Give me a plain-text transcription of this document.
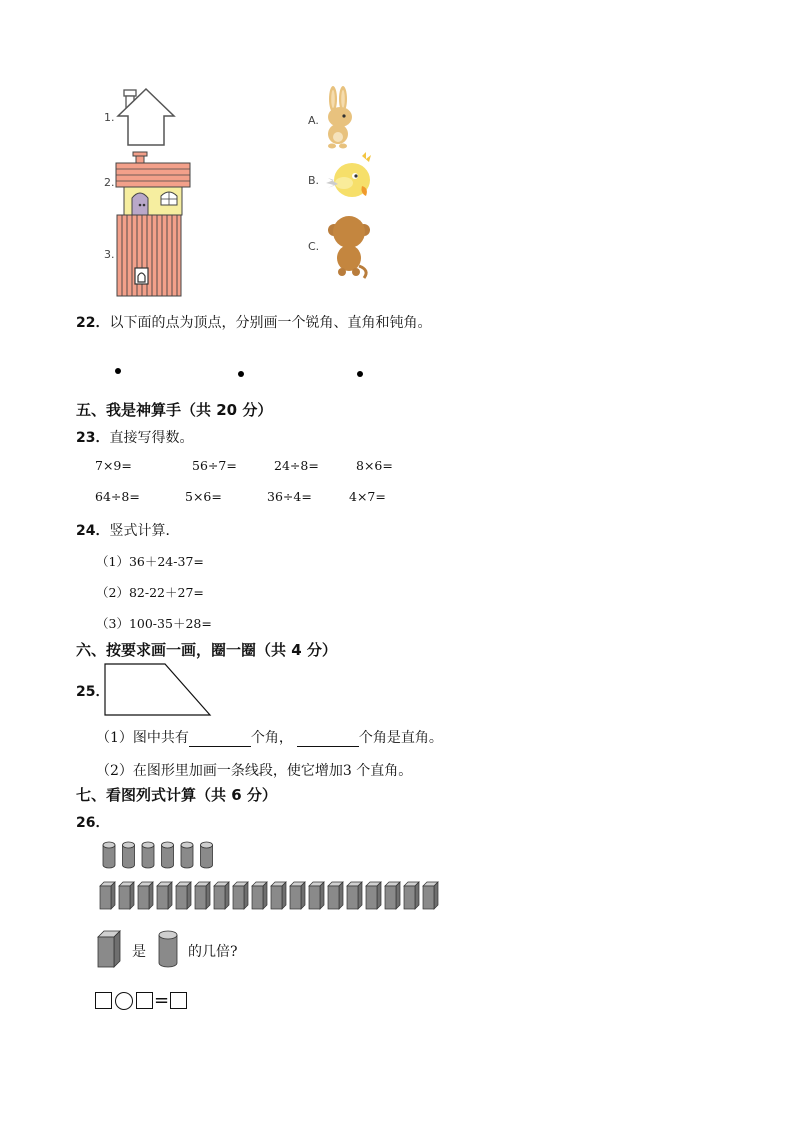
1.
2.
3.
A.
B.
C.
22．以下面的点为顶点，分别画一个锐角、直角和钝角。
五、我是神算手（共 20 分）
23．直接写得数。
7×9=	56÷7=	24÷8=	8×6=
64÷8=	5×6=	36÷4=	4×7=
24．竖式计算．
（1）36＋24-37=
（2）82-22＋27=
（3）100-35＋28=
六、按要求画一画，圈一圈（共 4 分）
25．
（1）图中共有	个角，	个角是直角。
（2）在图形里加画一条线段，使它增加3 个直角。
七、看图列式计算（共 6 分）
26．
是	的几倍?
=
